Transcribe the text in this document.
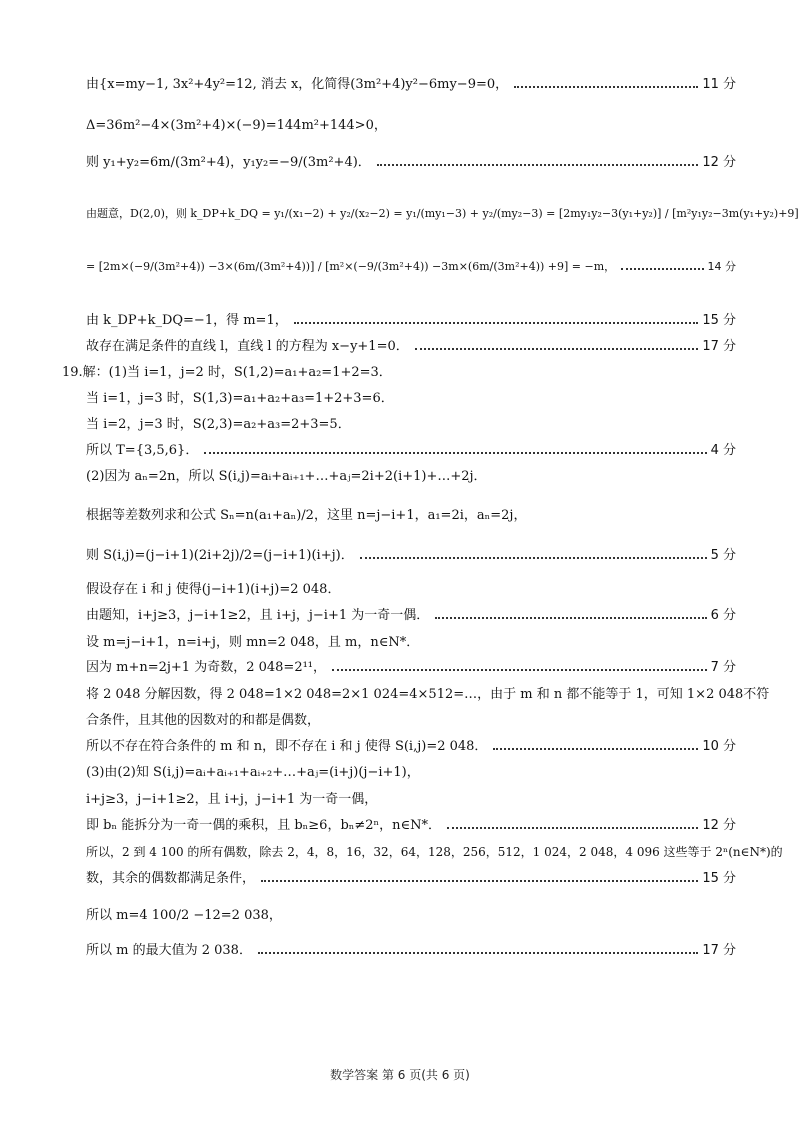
由{x=my−1, 3x²+4y²=12, 消去 x，化简得(3m²+4)y²−6my−9=0，	11 分
Δ=36m²−4×(3m²+4)×(−9)=144m²+144>0，
则 y₁+y₂=6m/(3m²+4)，y₁y₂=−9/(3m²+4)．	12 分
由题意，D(2,0)，则 k_DP+k_DQ = y₁/(x₁−2) + y₂/(x₂−2) = y₁/(my₁−3) + y₂/(my₂−3) = [2my₁y₂−3(y₁+y₂)] / [m²y₁y₂−3m(y₁+y₂)+9]
= [2m×(−9/(3m²+4)) −3×(6m/(3m²+4))] / [m²×(−9/(3m²+4)) −3m×(6m/(3m²+4)) +9] = −m，	14 分
由 k_DP+k_DQ=−1，得 m=1，	15 分
故存在满足条件的直线 l，直线 l 的方程为 x−y+1=0．	17 分
19.解：(1)当 i=1，j=2 时，S(1,2)=a₁+a₂=1+2=3．
当 i=1，j=3 时，S(1,3)=a₁+a₂+a₃=1+2+3=6．
当 i=2，j=3 时，S(2,3)=a₂+a₃=2+3=5．
所以 T={3,5,6}．	4 分
(2)因为 aₙ=2n，所以 S(i,j)=aᵢ+aᵢ₊₁+…+aⱼ=2i+2(i+1)+…+2j．
根据等差数列求和公式 Sₙ=n(a₁+aₙ)/2，这里 n=j−i+1，a₁=2i，aₙ=2j，
则 S(i,j)=(j−i+1)(2i+2j)/2=(j−i+1)(i+j)．	5 分
假设存在 i 和 j 使得(j−i+1)(i+j)=2 048．
由题知，i+j≥3，j−i+1≥2，且 i+j，j−i+1 为一奇一偶．	6 分
设 m=j−i+1，n=i+j，则 mn=2 048，且 m，n∈N*．
因为 m+n=2j+1 为奇数，2 048=2¹¹，	7 分
将 2 048 分解因数，得 2 048=1×2 048=2×1 024=4×512=…，由于 m 和 n 都不能等于 1，可知 1×2 048不符
合条件，且其他的因数对的和都是偶数，
所以不存在符合条件的 m 和 n，即不存在 i 和 j 使得 S(i,j)=2 048．	10 分
(3)由(2)知 S(i,j)=aᵢ+aᵢ₊₁+aᵢ₊₂+…+aⱼ=(i+j)(j−i+1)，
i+j≥3，j−i+1≥2，且 i+j，j−i+1 为一奇一偶，
即 bₙ 能拆分为一奇一偶的乘积，且 bₙ≥6，bₙ≠2ⁿ，n∈N*．	12 分
所以，2 到 4 100 的所有偶数，除去 2，4，8，16，32，64，128，256，512，1 024，2 048，4 096 这些等于 2ⁿ(n∈N*)的
数，其余的偶数都满足条件，	15 分
所以 m=4 100/2 −12=2 038，
所以 m 的最大值为 2 038．	17 分
数学答案 第 6 页(共 6 页)
